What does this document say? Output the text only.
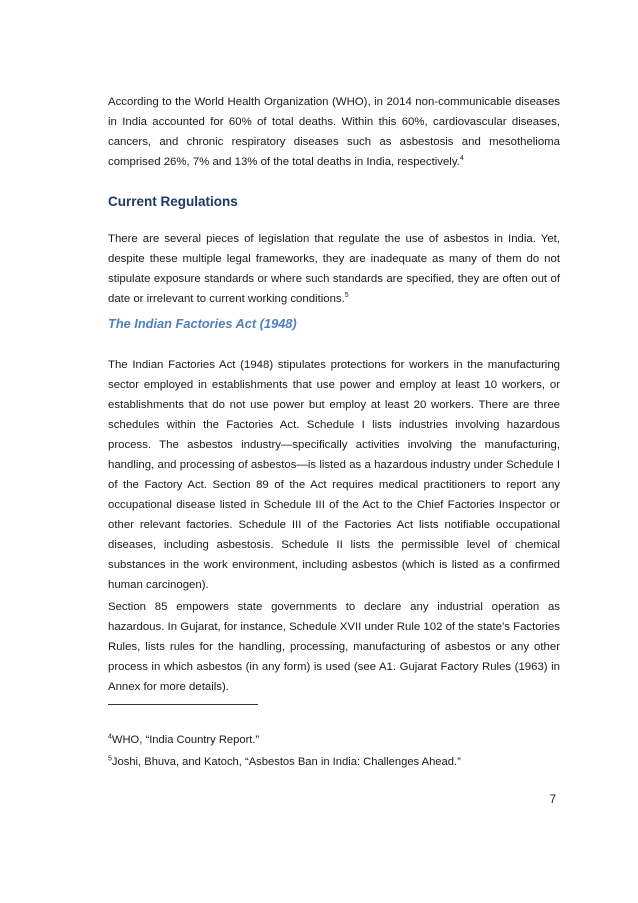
According to the World Health Organization (WHO), in 2014 non-communicable diseases in India accounted for 60% of total deaths. Within this 60%, cardiovascular diseases, cancers, and chronic respiratory diseases such as asbestosis and mesothelioma comprised 26%, 7% and 13% of the total deaths in India, respectively.$^4$

Current Regulations

There are several pieces of legislation that regulate the use of asbestos in India. Yet, despite these multiple legal frameworks, they are inadequate as many of them do not stipulate exposure standards or where such standards are specified, they are often out of date or irrelevant to current working conditions.$^5$

The Indian Factories Act (1948)

The Indian Factories Act (1948) stipulates protections for workers in the manufacturing sector employed in establishments that use power and employ at least 10 workers, or establishments that do not use power but employ at least 20 workers. There are three schedules within the Factories Act. Schedule I lists industries involving hazardous process. The asbestos industry—specifically activities involving the manufacturing, handling, and processing of asbestos—is listed as a hazardous industry under Schedule I of the Factory Act. Section 89 of the Act requires medical practitioners to report any occupational disease listed in Schedule III of the Act to the Chief Factories Inspector or other relevant factories. Schedule III of the Factories Act lists notifiable occupational diseases, including asbestosis. Schedule II lists the permissible level of chemical substances in the work environment, including asbestos (which is listed as a confirmed human carcinogen).

Section 85 empowers state governments to declare any industrial operation as hazardous. In Gujarat, for instance, Schedule XVII under Rule 102 of the state’s Factories Rules, lists rules for the handling, processing, manufacturing of asbestos or any other process in which asbestos (in any form) is used (see A1. Gujarat Factory Rules (1963) in Annex for more details).

$^4$WHO, “India Country Report.”
$^5$Joshi, Bhuva, and Katoch, “Asbestos Ban in India: Challenges Ahead.”
7
